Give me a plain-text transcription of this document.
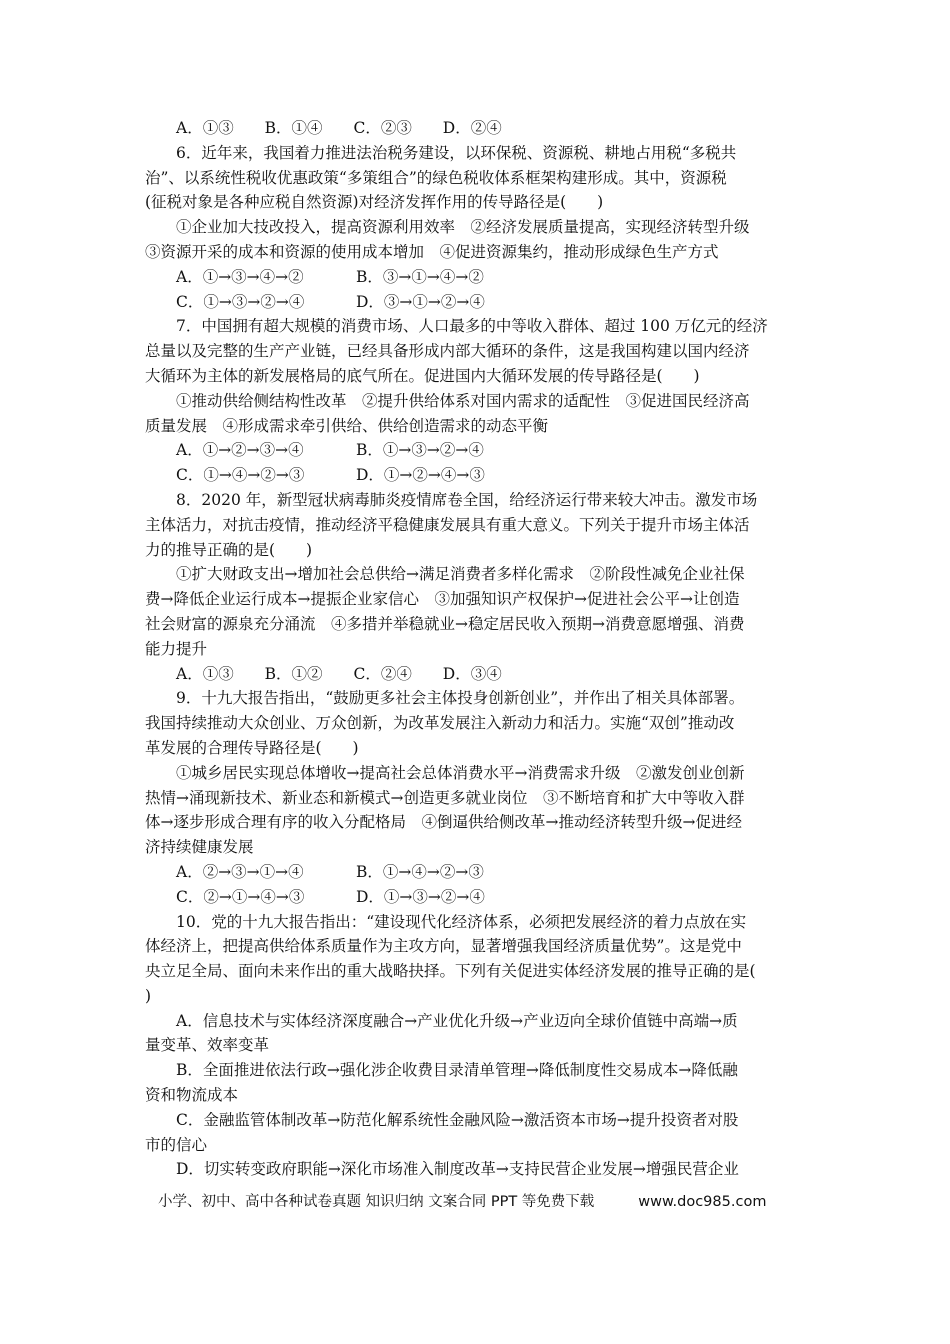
A．①③ B．①④ C．②③ D．②④
6．近年来，我国着力推进法治税务建设，以环保税、资源税、耕地占用税“多税共
治”、以系统性税收优惠政策“多策组合”的绿色税收体系框架构建形成。其中，资源税
(征税对象是各种应税自然资源)对经济发挥作用的传导路径是(　　)
①企业加大技改投入，提高资源利用效率　②经济发展质量提高，实现经济转型升级
③资源开采的成本和资源的使用成本增加　④促进资源集约，推动形成绿色生产方式
A．①→③→④→②	B．③→①→④→②
C．①→③→②→④	D．③→①→②→④
7．中国拥有超大规模的消费市场、人口最多的中等收入群体、超过 100 万亿元的经济
总量以及完整的生产产业链，已经具备形成内部大循环的条件，这是我国构建以国内经济
大循环为主体的新发展格局的底气所在。促进国内大循环发展的传导路径是(　　)
①推动供给侧结构性改革　②提升供给体系对国内需求的适配性　③促进国民经济高
质量发展　④形成需求牵引供给、供给创造需求的动态平衡
A．①→②→③→④	B．①→③→②→④
C．①→④→②→③	D．①→②→④→③
8．2020 年，新型冠状病毒肺炎疫情席卷全国，给经济运行带来较大冲击。激发市场
主体活力，对抗击疫情，推动经济平稳健康发展具有重大意义。下列关于提升市场主体活
力的推导正确的是(　　)
①扩大财政支出→增加社会总供给→满足消费者多样化需求　②阶段性减免企业社保
费→降低企业运行成本→提振企业家信心　③加强知识产权保护→促进社会公平→让创造
社会财富的源泉充分涌流　④多措并举稳就业→稳定居民收入预期→消费意愿增强、消费
能力提升
A．①③ B．①② C．②④ D．③④
9．十九大报告指出，“鼓励更多社会主体投身创新创业”，并作出了相关具体部署。
我国持续推动大众创业、万众创新，为改革发展注入新动力和活力。实施“双创”推动改
革发展的合理传导路径是(　　)
①城乡居民实现总体增收→提高社会总体消费水平→消费需求升级　②激发创业创新
热情→涌现新技术、新业态和新模式→创造更多就业岗位　③不断培育和扩大中等收入群
体→逐步形成合理有序的收入分配格局　④倒逼供给侧改革→推动经济转型升级→促进经
济持续健康发展
A．②→③→①→④	B．①→④→②→③
C．②→①→④→③	D．①→③→②→④
10．党的十九大报告指出：“建设现代化经济体系，必须把发展经济的着力点放在实
体经济上，把提高供给体系质量作为主攻方向，显著增强我国经济质量优势”。这是党中
央立足全局、面向未来作出的重大战略抉择。下列有关促进实体经济发展的推导正确的是(
)
A．信息技术与实体经济深度融合→产业优化升级→产业迈向全球价值链中高端→质
量变革、效率变革
B．全面推进依法行政→强化涉企收费目录清单管理→降低制度性交易成本→降低融
资和物流成本
C．金融监管体制改革→防范化解系统性金融风险→激活资本市场→提升投资者对股
市的信心
D．切实转变政府职能→深化市场准入制度改革→支持民营企业发展→增强民营企业
小学、初中、高中各种试卷真题 知识归纳 文案合同 PPT 等免费下载	www.doc985.com
